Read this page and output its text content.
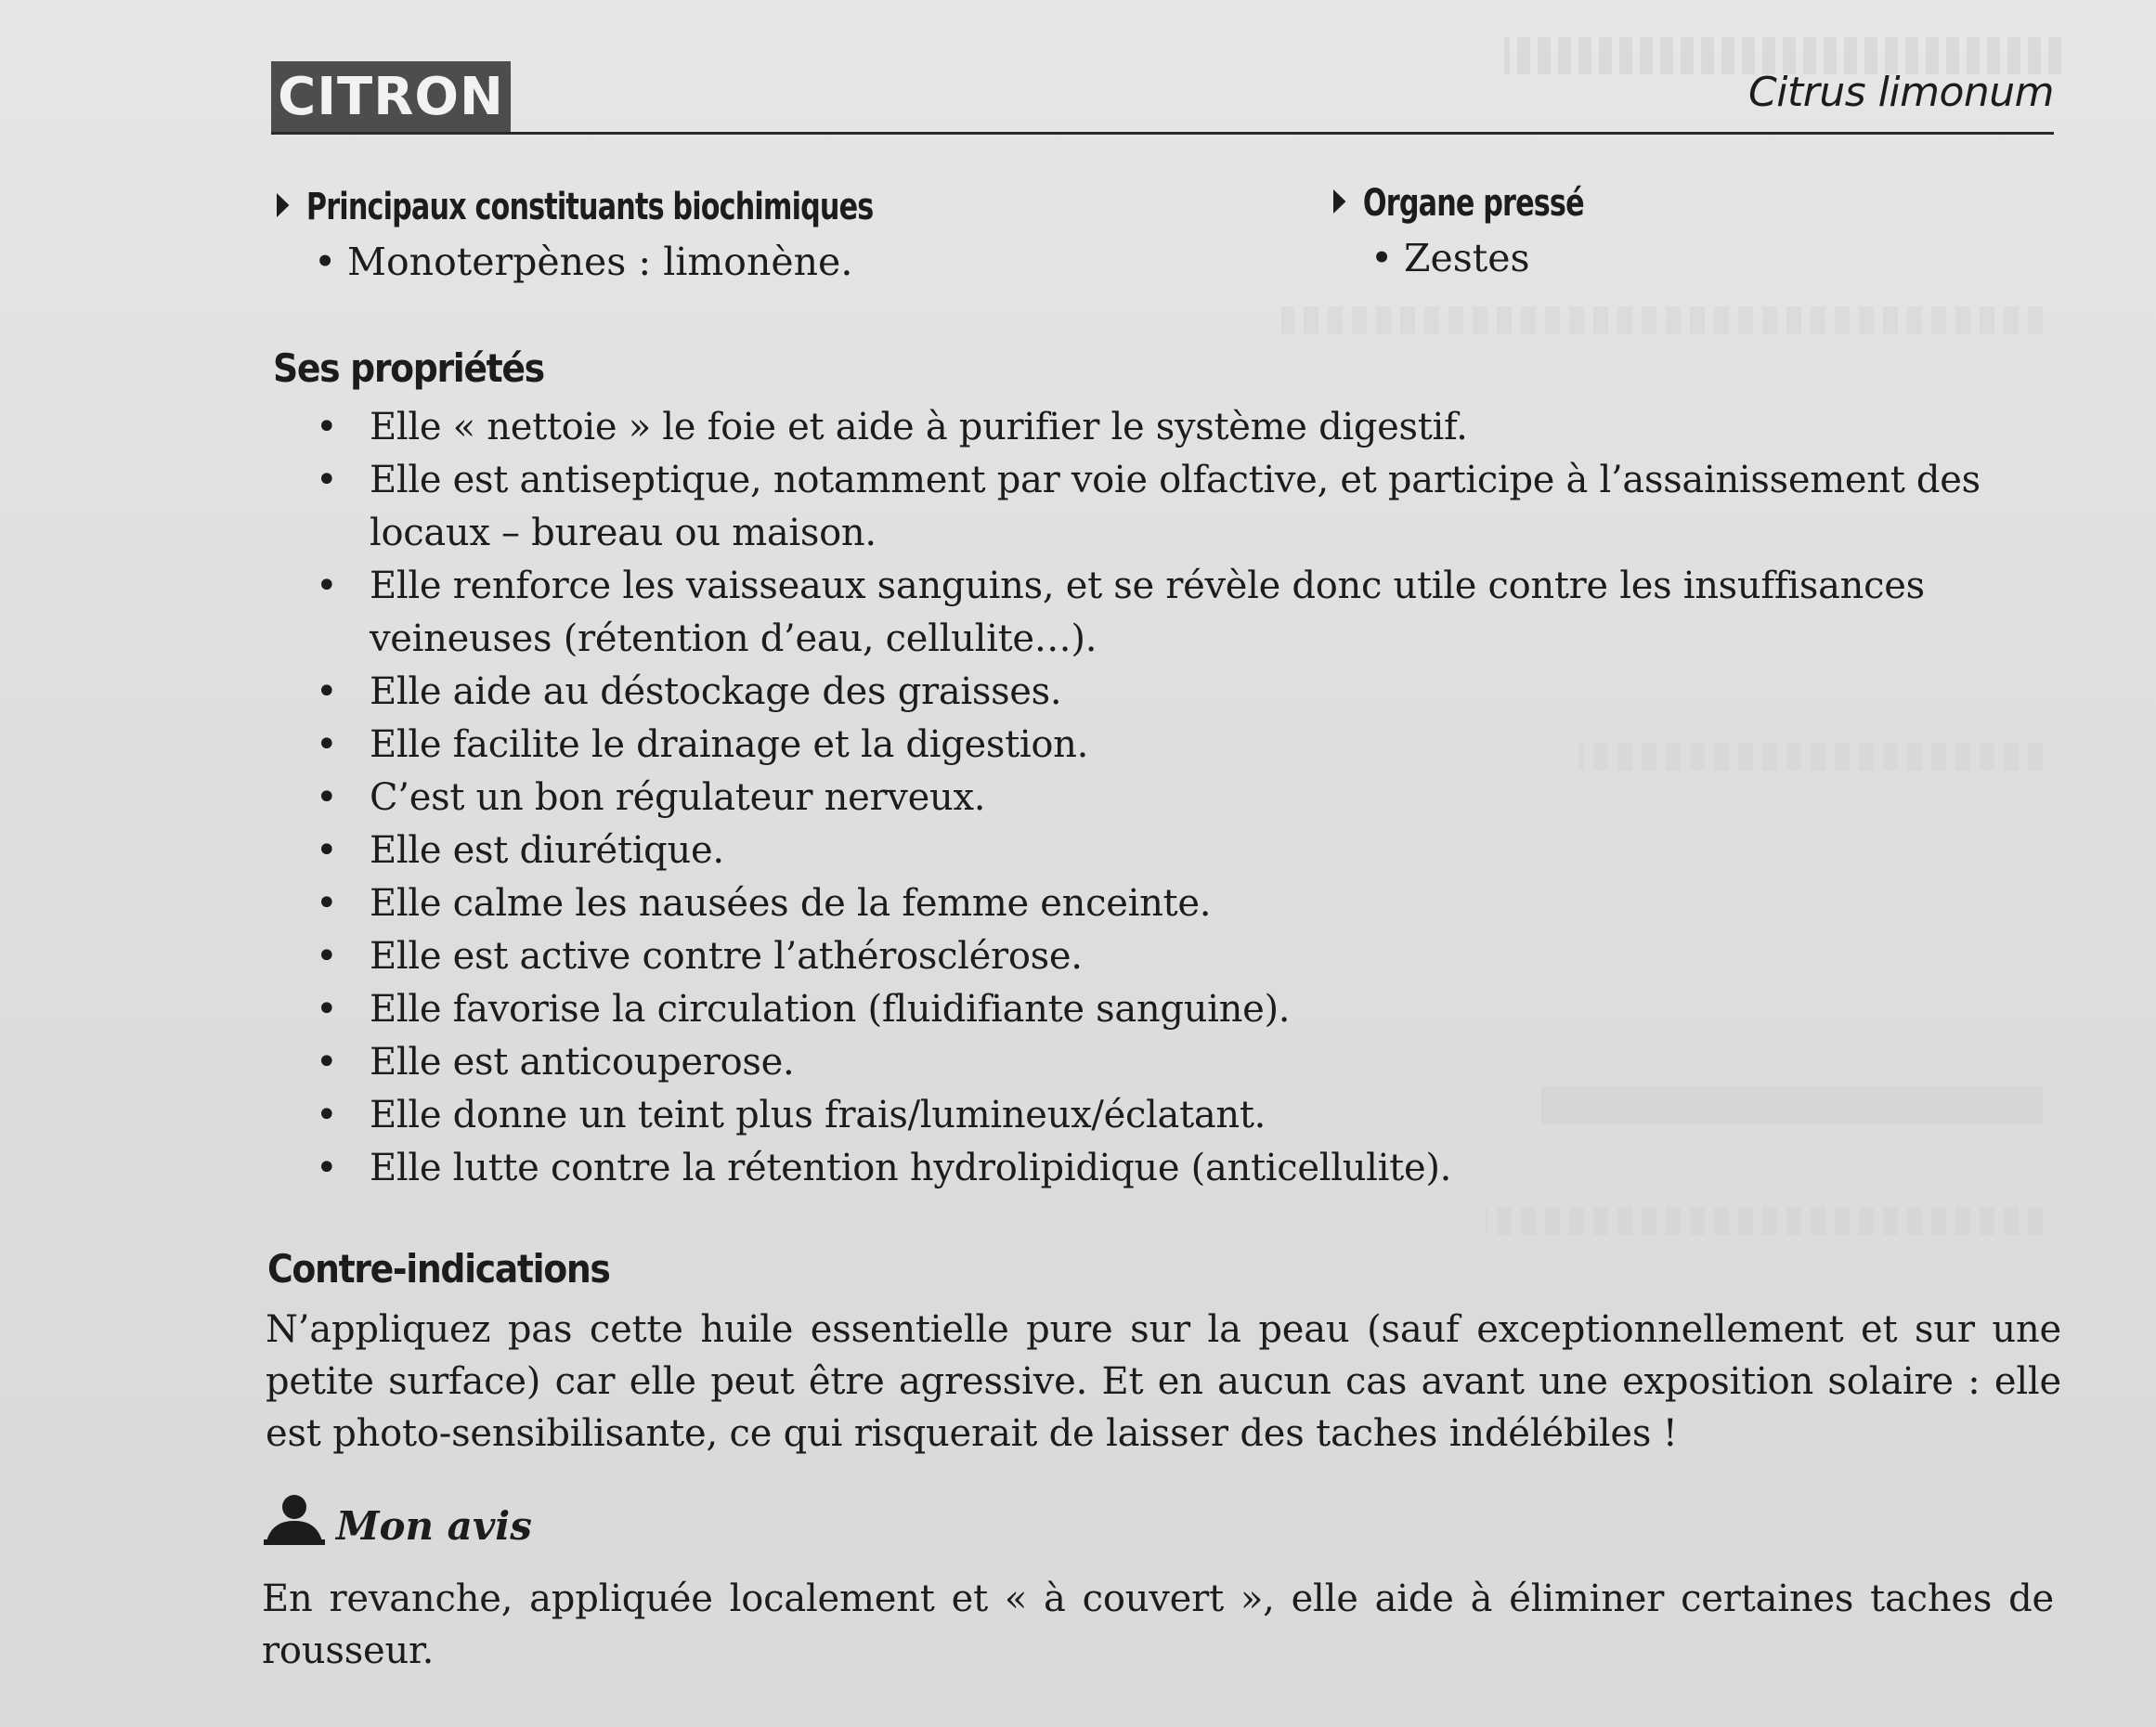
CITRON	Citrus limonum
Principaux constituants biochimiques
• Monoterpènes : limonène.
Organe pressé
• Zestes
Ses propriétés
• Elle « nettoie » le foie et aide à purifier le système digestif.
• Elle est antiseptique, notamment par voie olfactive, et participe à l’assainissement des locaux – bureau ou maison.
• Elle renforce les vaisseaux sanguins, et se révèle donc utile contre les insuffisances veineuses (rétention d’eau, cellulite…).
• Elle aide au déstockage des graisses.
• Elle facilite le drainage et la digestion.
• C’est un bon régulateur nerveux.
• Elle est diurétique.
• Elle calme les nausées de la femme enceinte.
• Elle est active contre l’athérosclérose.
• Elle favorise la circulation (fluidifiante sanguine).
• Elle est anticouperose.
• Elle donne un teint plus frais/lumineux/éclatant.
• Elle lutte contre la rétention hydrolipidique (anticellulite).
Contre-indications
N’appliquez pas cette huile essentielle pure sur la peau (sauf exceptionnellement et sur une petite surface) car elle peut être agressive. Et en aucun cas avant une exposition solaire : elle est photo-sensibilisante, ce qui risquerait de laisser des taches indélébiles !
Mon avis
En revanche, appliquée localement et « à couvert », elle aide à éliminer certaines taches de rousseur.
